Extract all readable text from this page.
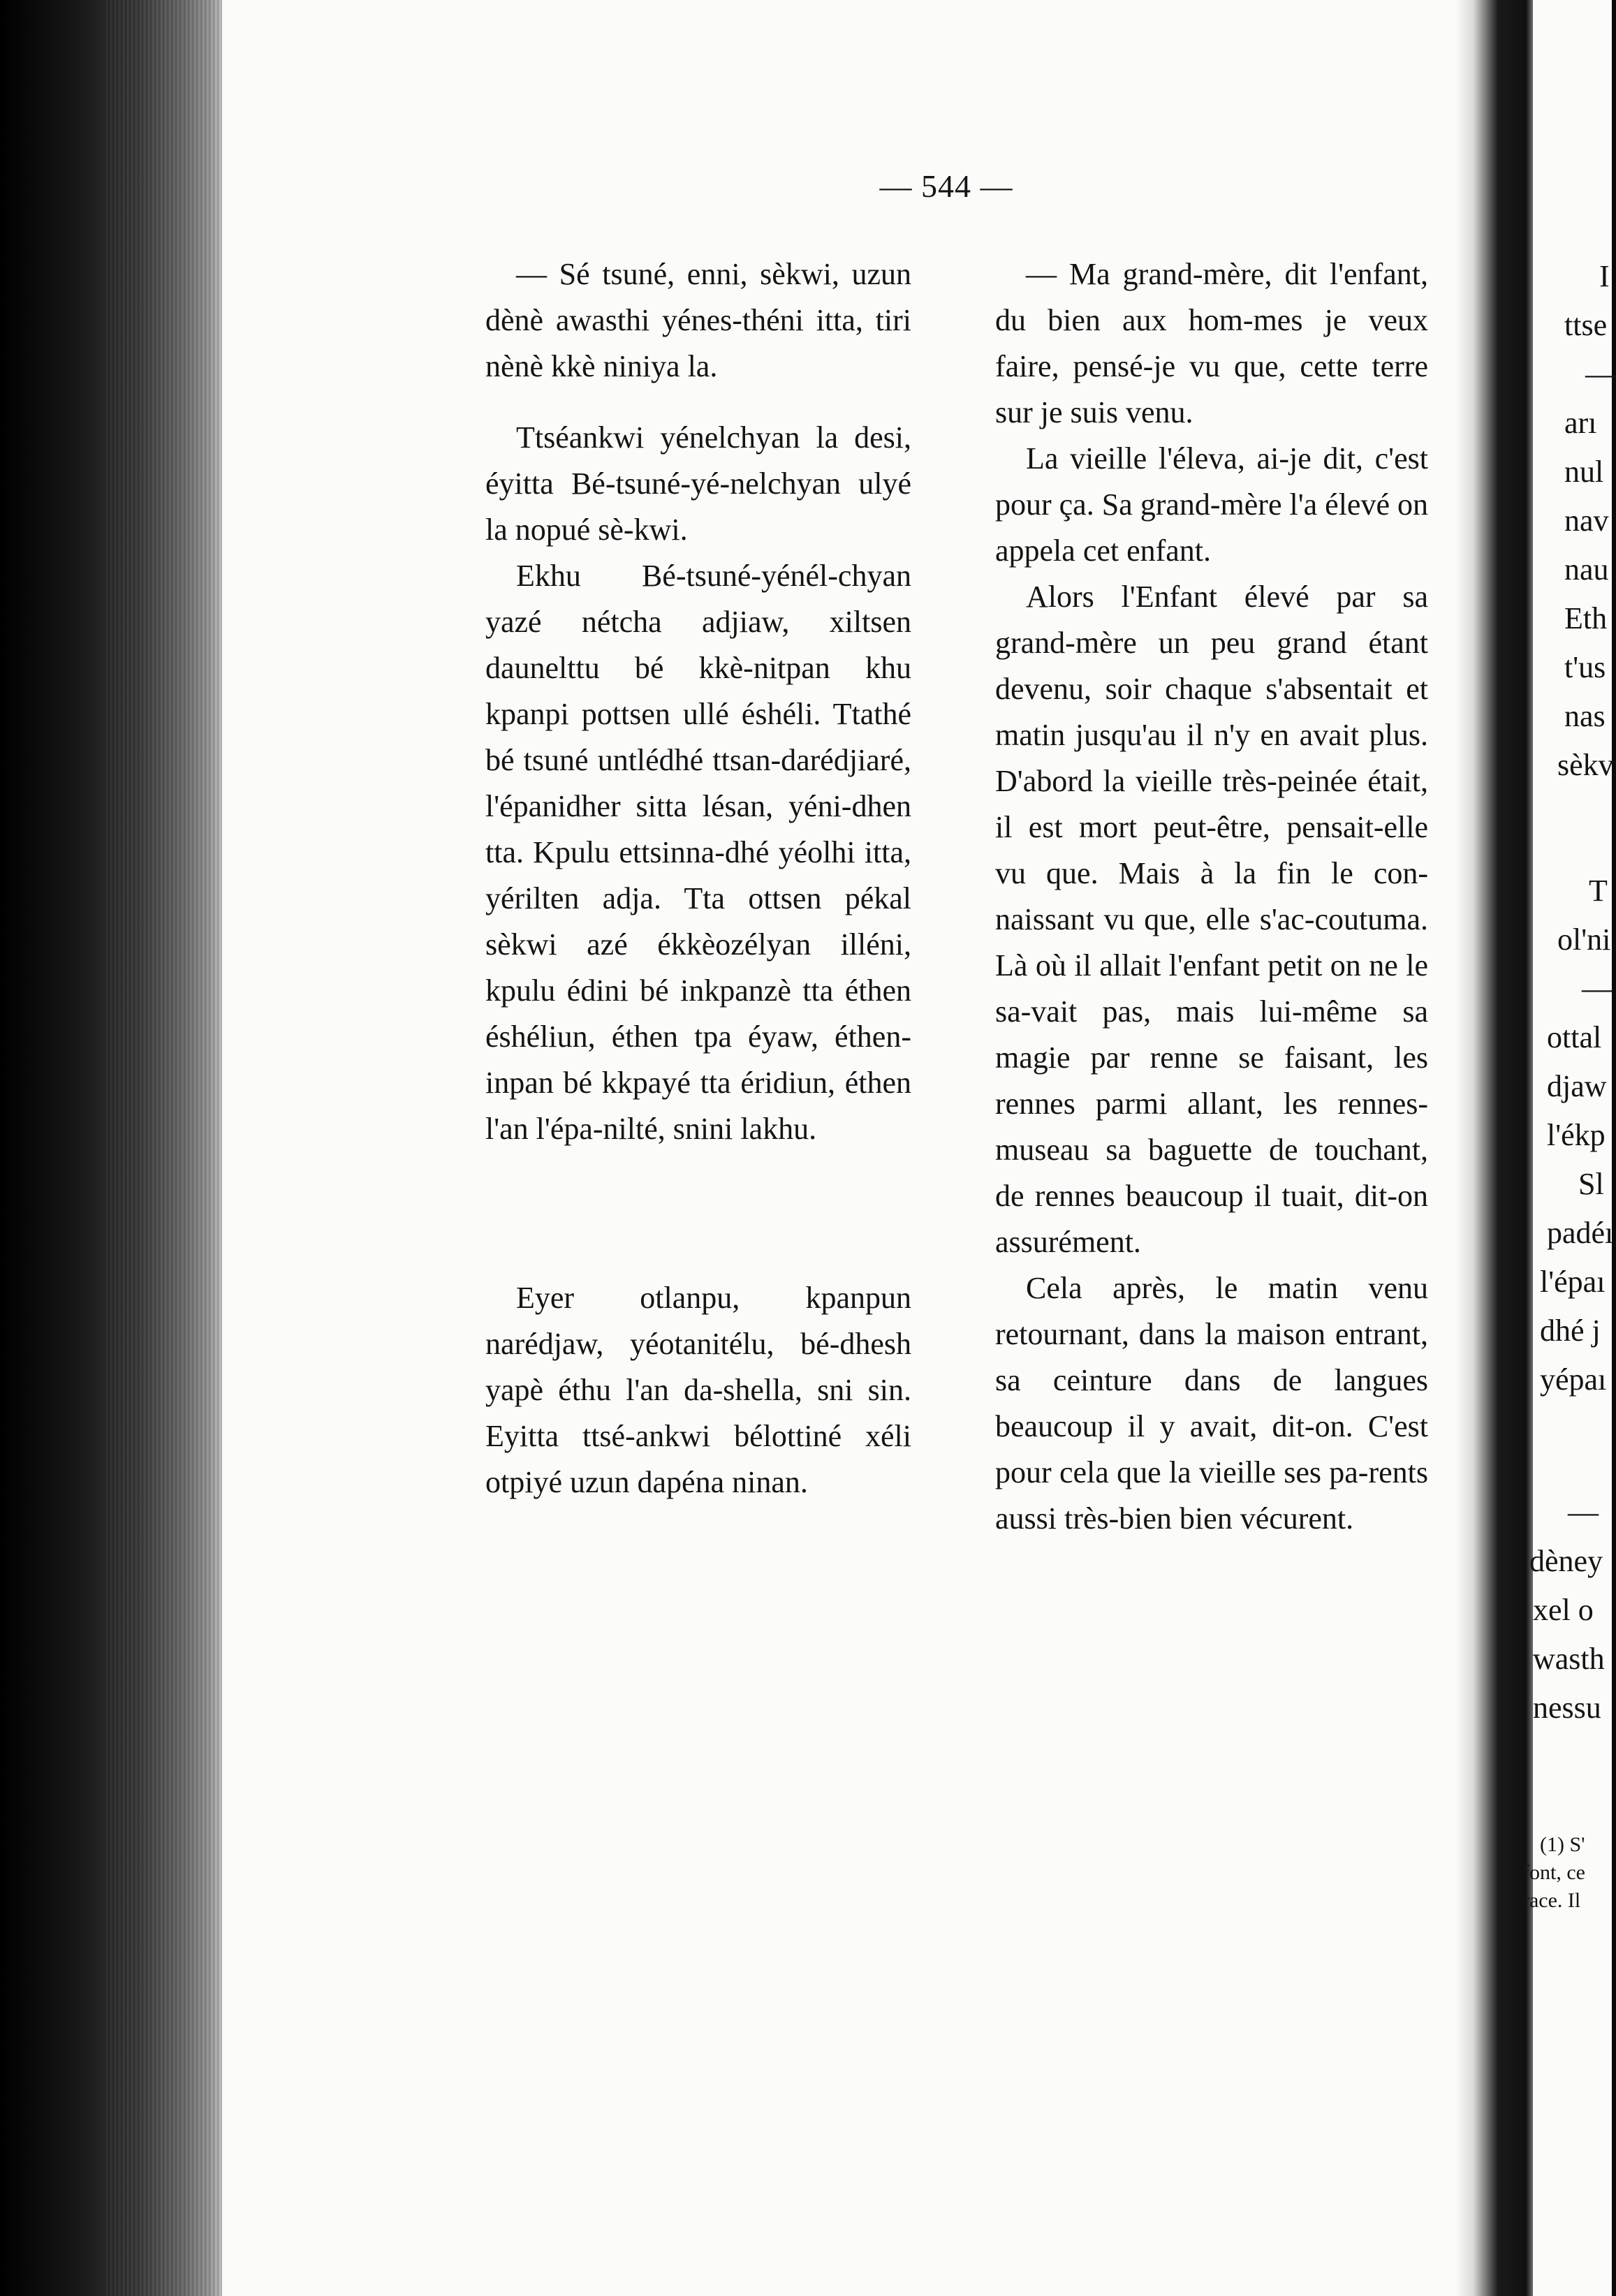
— 544 —

— Sé tsuné, enni, sèkwi, uzun dènè awasthi yénes-théni itta, tiri nènè kkè niniya la.

Ttséankwi yénelchyan la desi, éyitta Bé-tsuné-yé-nelchyan ulyé la nopué sè-kwi.

Ekhu Bé-tsuné-yénél-chyan yazé nétcha adjiaw, xiltsen daunelttu bé kkè-nitpan khu kpanpi pottsen ullé éshéli. Ttathé bé tsuné untlédhé ttsan-darédjiaré, l'épanidher sitta lésan, yéni-dhen tta. Kpulu ettsinna-dhé yéolhi itta, yérilten adja. Tta ottsen pékal sèkwi azé ékkèozélyan illéni, kpulu édini bé inkpanzè tta éthen éshéliun, éthen tpa éyaw, éthen-inpan bé kkpayé tta éridiun, éthen l'an l'épa-nilté, snini lakhu.

Eyer otlanpu, kpanpun narédjaw, yéotanitélu, bé-dhesh yapè éthu l'an da-shella, sni sin. Eyitta ttsé-ankwi bélottiné xéli otpiyé uzun dapéna ninan.

— Ma grand-mère, dit l'enfant, du bien aux hom-mes je veux faire, pensé-je vu que, cette terre sur je suis venu.

La vieille l'éleva, ai-je dit, c'est pour ça. Sa grand-mère l'a élevé on appela cet enfant.

Alors l'Enfant élevé par sa grand-mère un peu grand étant devenu, soir chaque s'absentait et matin jusqu'au il n'y en avait plus. D'abord la vieille très-peinée était, il est mort peut-être, pensait-elle vu que. Mais à la fin le con-naissant vu que, elle s'ac-coutuma. Là où il allait l'enfant petit on ne le sa-vait pas, mais lui-même sa magie par renne se faisant, les rennes parmi allant, les rennes-museau sa baguette de touchant, de rennes beaucoup il tuait, dit-on assurément.

Cela après, le matin venu retournant, dans la maison entrant, sa ceinture dans de langues beaucoup il y avait, dit-on. C'est pour cela que la vieille ses pa-rents aussi très-bien bien vécurent.

I
ttse
—
arı
nul
nav
nau
Eth
t'us
nas
sèkv
T
ol'ni
—
ottal
djaw
l'ékp
Sl
padéı
l'épaı
dhé j
yépaı
—
dèney
xel o
wasth
nessu
(1) S'
font, ce
race. Il
